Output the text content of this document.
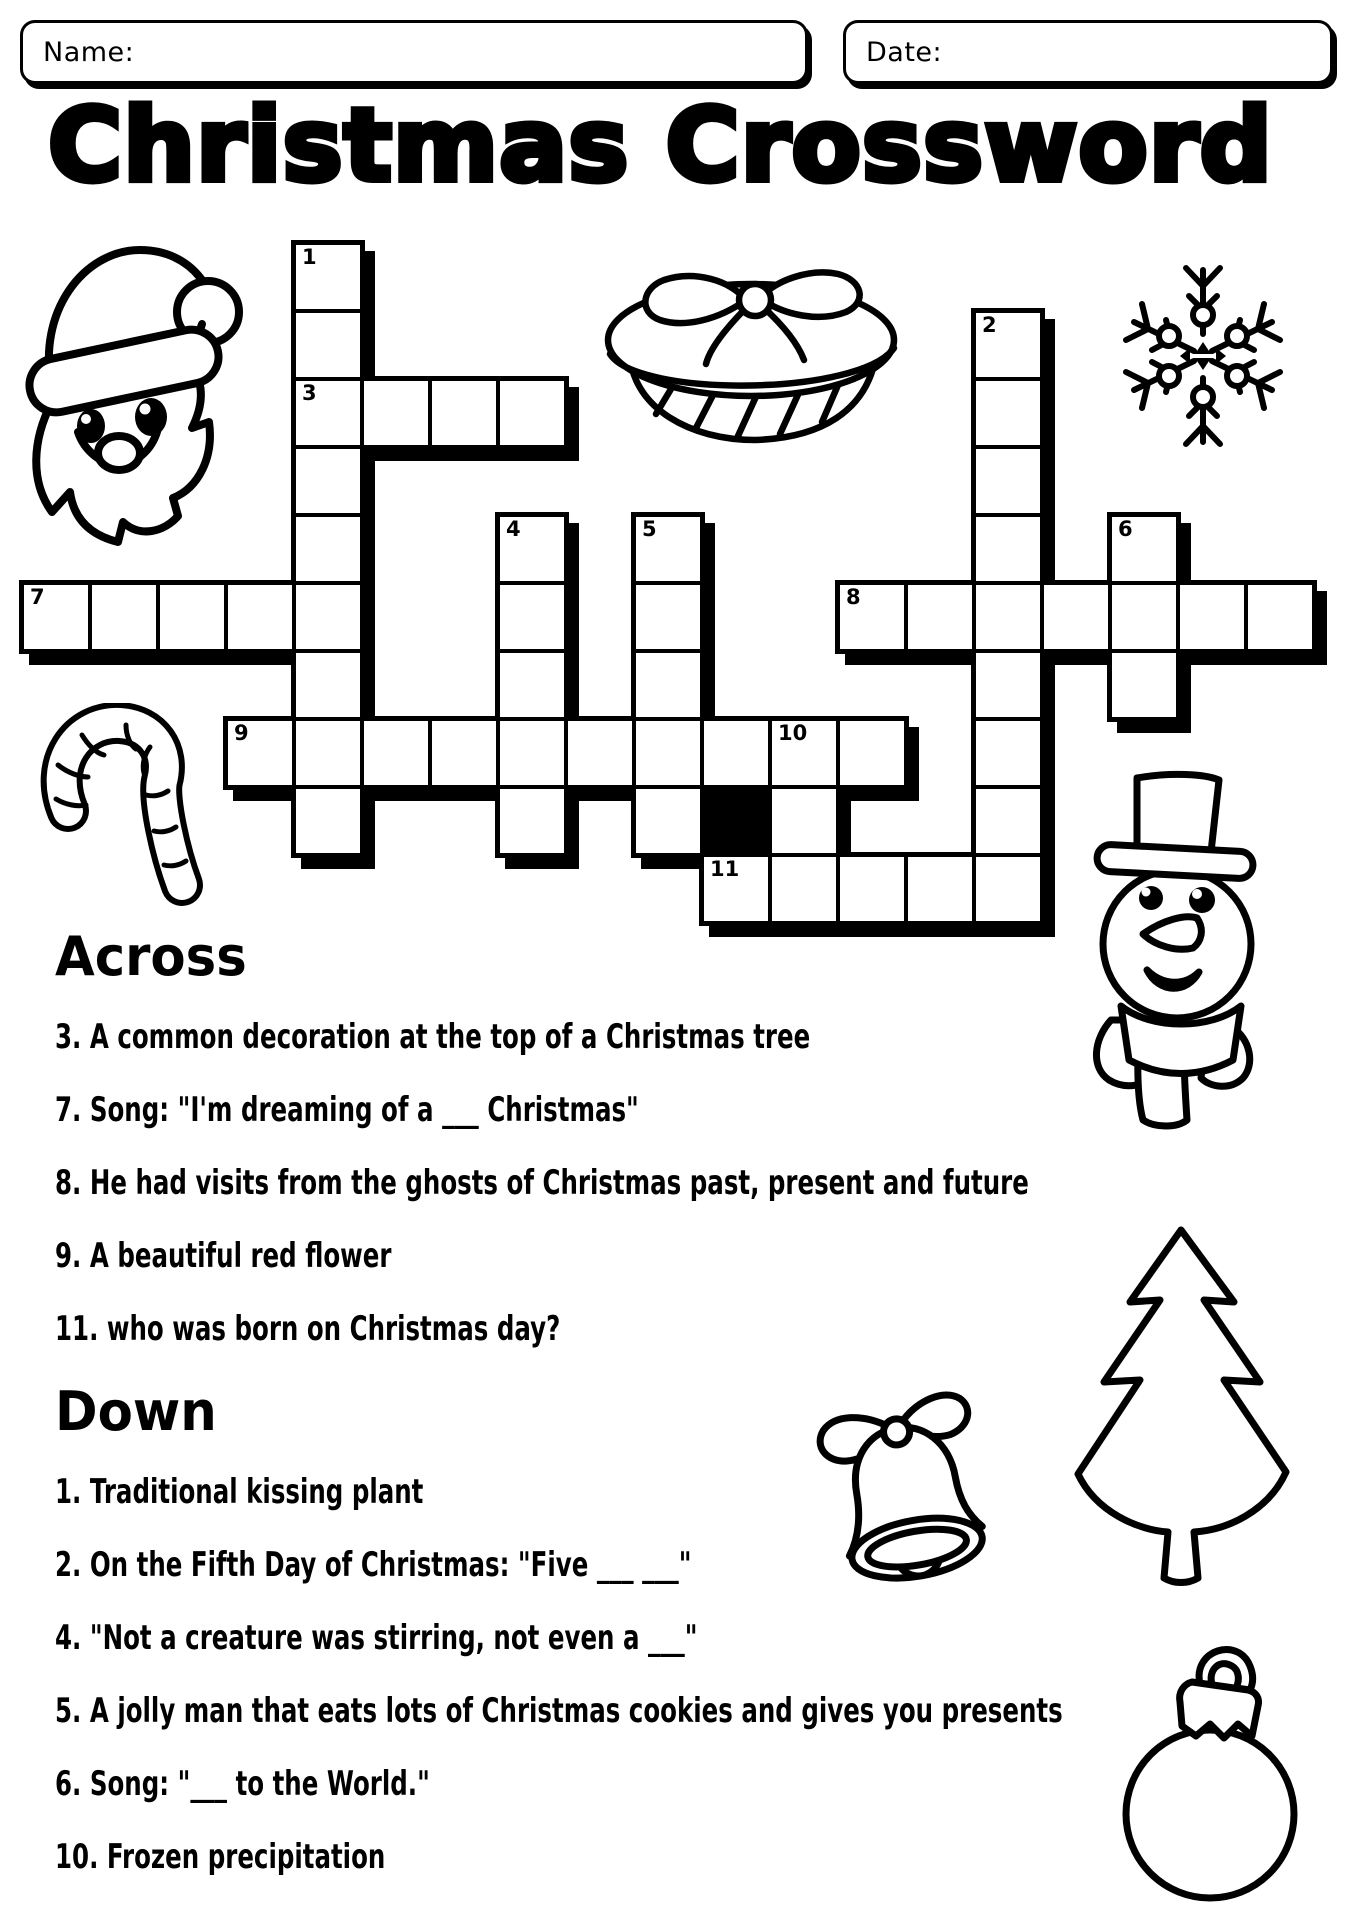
Name:	Date:
Christmas Crossword
1
3
2
4	5	6
7	8
9	10
11
Across
3. A common decoration at the top of a Christmas tree
7. Song: "I'm dreaming of a ___ Christmas"
8. He had visits from the ghosts of Christmas past, present and future
9. A beautiful red flower
11. who was born on Christmas day?
Down
1. Traditional kissing plant
2. On the Fifth Day of Christmas: "Five ___ ___"
4. "Not a creature was stirring, not even a ___"
5. A jolly man that eats lots of Christmas cookies and gives you presents
6. Song: "___ to the World."
10. Frozen precipitation
